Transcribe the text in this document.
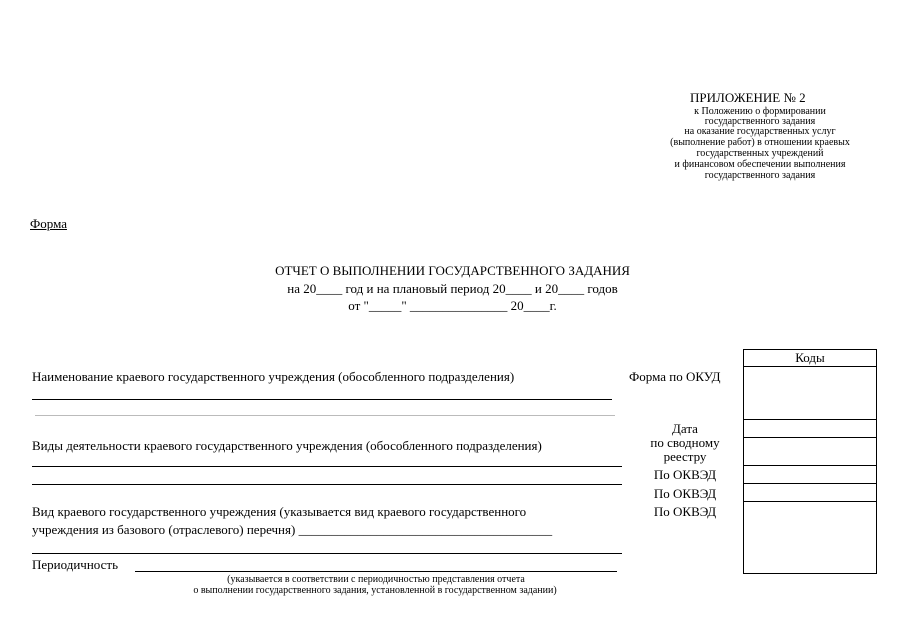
ПРИЛОЖЕНИЕ № 2
к Положению о формировании
государственного задания
на оказание государственных услуг
(выполнение работ) в отношении краевых
государственных учреждений
и финансовом обеспечении выполнения
государственного задания
Форма
ОТЧЕТ О ВЫПОЛНЕНИИ ГОСУДАРСТВЕННОГО ЗАДАНИЯ
на 20____ год и на плановый период 20____ и 20____ годов
от "_____" _______________ 20____г.
Наименование краевого государственного учреждения (обособленного подразделения)
Виды деятельности краевого государственного учреждения (обособленного подразделения)
Вид краевого государственного учреждения (указывается вид краевого государственного
учреждения из базового (отраслевого) перечня) _______________________________________
Периодичность
(указывается в соответствии с периодичностью представления отчета
о выполнении государственного задания, установленной в государственном задании)
Форма по ОКУД
Дата
по сводному
реестру
По ОКВЭД
По ОКВЭД
По ОКВЭД
Коды
